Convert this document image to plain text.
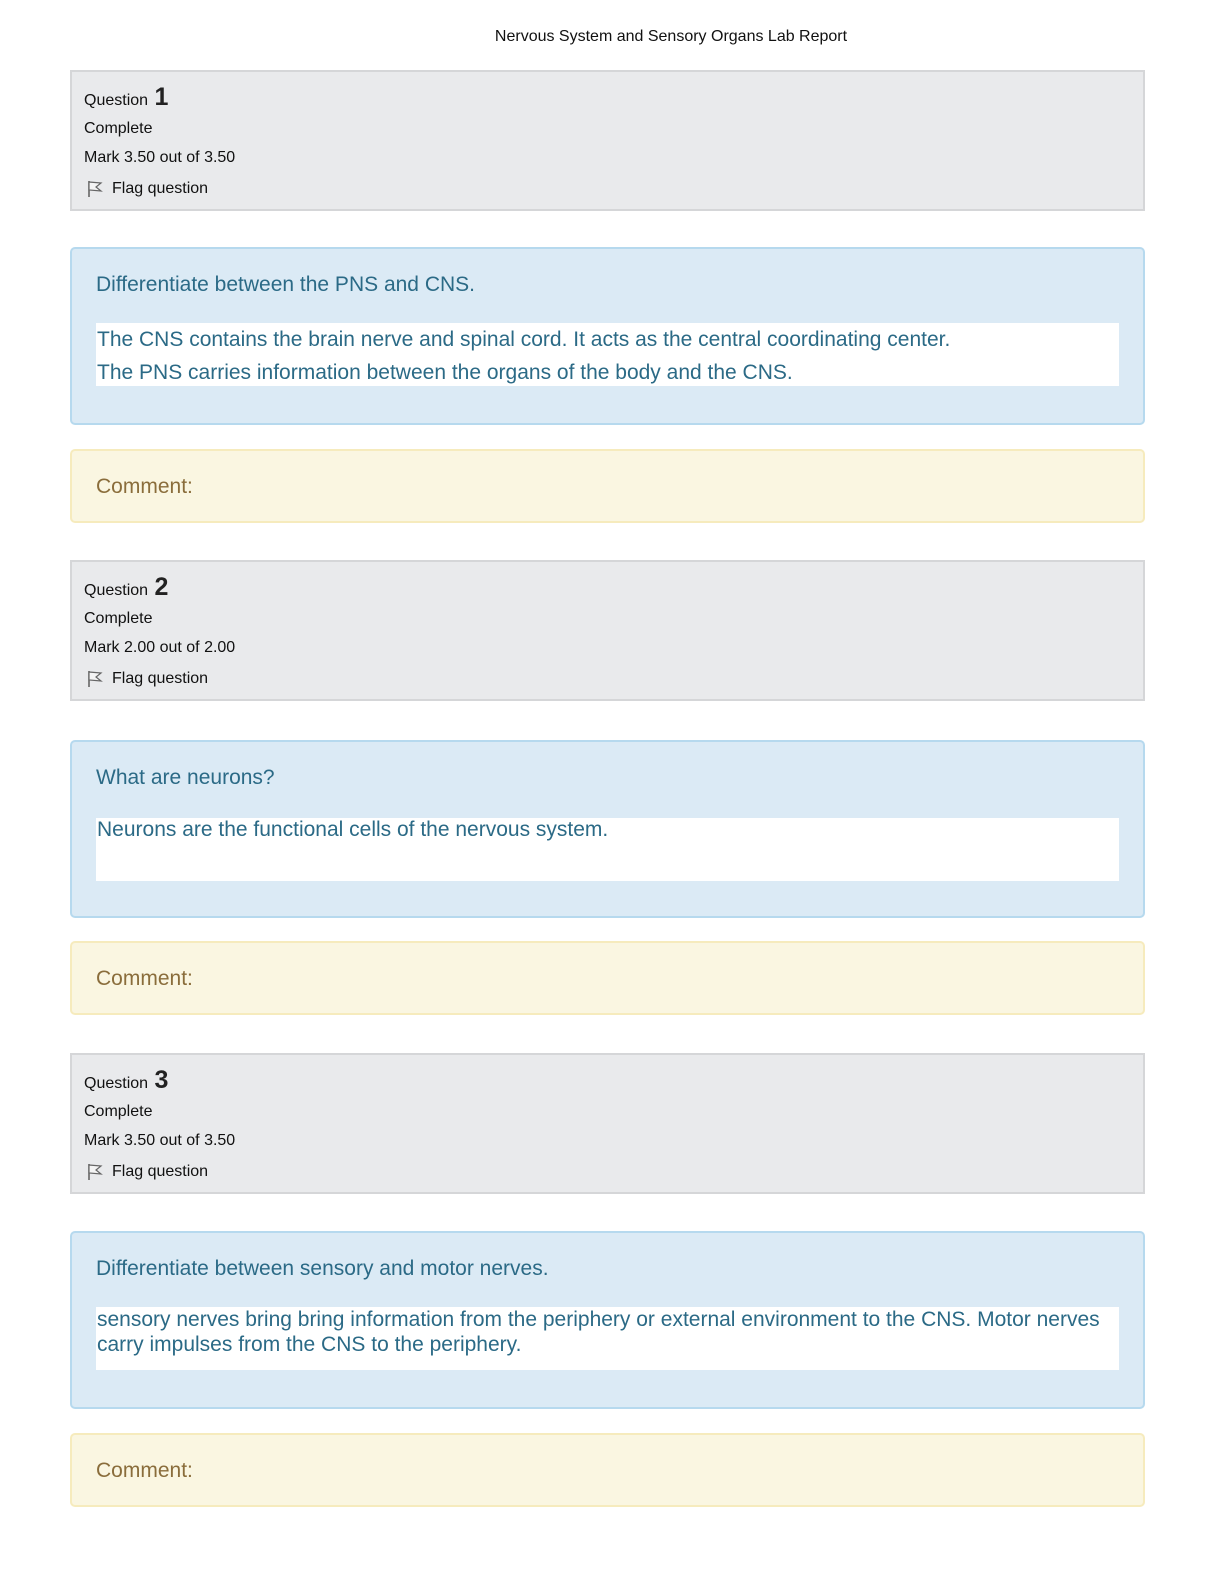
Nervous System and Sensory Organs Lab Report
Question 1
Complete
Mark 3.50 out of 3.50
Flag question
Differentiate between the PNS and CNS.

The CNS contains the brain nerve and spinal cord. It acts as the central coordinating center.

The PNS carries information between the organs of the body and the CNS.

Comment:
Question 2
Complete
Mark 2.00 out of 2.00
Flag question
What are neurons?

Neurons are the functional cells of the nervous system.

Comment:
Question 3
Complete
Mark 3.50 out of 3.50
Flag question
Differentiate between sensory and motor nerves.

sensory nerves bring bring information from the periphery or external environment to the CNS. Motor nerves carry impulses from the CNS to the periphery.

Comment:
